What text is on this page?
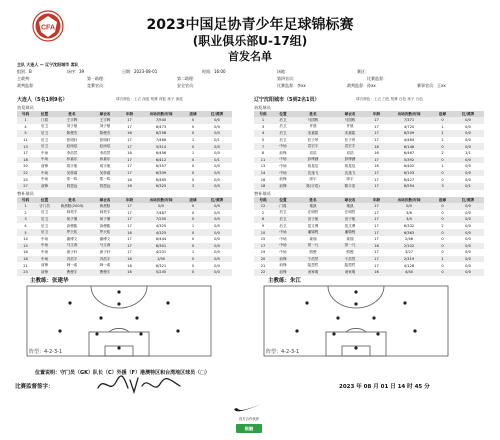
CFA	2023中国足协青少年足球锦标赛
(职业俱乐部U-17组)
首发名单
主队 大连人 — 辽宁沈阳城市 客队
组别：B	场序：39	日期：2023-08-01	时间：16:00	场地：	赛区：
主裁判：	第一助理：	第二助理：	第四官员：	比赛监督：
裁判监督：	竞赛官员：	安全官员：	比赛监督：李xx	裁判监督：孙xx	赛事官员：王xx
大连人（5名1到9名）	球衣颜色：上衣 深蓝 短裤 深蓝 袜子 深蓝
首发球员
号码	位置	姓名	球衣名	年龄	出场次数/时间	进球	红/黄牌
1	门将	王宇辉	王宇辉	17	7/540	0	0/0
4	后卫	刘子豪	刘子豪	17	6/473	0	0/0
5	后卫	陈俊杰	陈俊杰	16	6/258	0	0/0
11	后卫	张明轩	张明轩	17	7/466	1	0/1
13	后卫	赵雨辰	赵雨辰	17	5/314	0	0/0
17	中场	李浩然	李浩然	16	6/456	1	0/0
18	中场	孙嘉乐	孙嘉乐	17	6/412	0	0/1
20	前锋	周宇航	周宇航	17	6/357	0	0/0
22	中场	吴梓睿	吴梓睿	17	6/339	0	0/0
25	中场	郑一鸣	郑一鸣	16	6/465	0	0/0
27	前锋	钱思远	钱思远	16	6/325	3	0/0
替补球员
号码	位置	姓名	球衣名	年龄	出场次数/时间	进球	红/黄牌
1	守门员	黄晨阳(2003)	黄晨阳	17	0/0	0	0/0
2	后卫	林昊宇	林昊宇	17	7/487	0	0/0
3	后卫	何子墨	何子墨	17	7/250	0	0/0
4	后卫	高俊熙	高俊熙	17	4/325	1	0/0
5	后卫	罗天佑	罗天佑	16	4/325	0	0/0
14	中场	谢博文	谢博文	17	6/444	0	0/0
15	中场	马文涛	马文涛	17	6/301	0	0/0
16	中场	唐子轩	唐子轩	17	4/231	1	0/0
18	中场	冯浩宇	冯浩宇	16	1/90	0	0/0
21	前锋	韩一诺	韩一诺	16	6/321	0	0/0
23	前锋	曹俊宇	曹俊宇	16	5/245	0	0/0
辽宁沈阳城市（5到2名1员）	球衣颜色：上衣 白色 短裤 白色 袜子 白色
首发球员
号码	位置	姓名	球衣名	年龄	出场次数/时间	进球	红/黄牌
1	后卫	马国栋	马国栋	17	7/371	0	0/0
3	后卫	许晨	许晨	17	4/720	1	0/0
4	后卫	宋嘉铭	宋嘉铭	17	6/209	1	0/0
5	后卫	杜子昂	杜子昂	17	4/464	1	0/0
7	中场	袁宏宇	袁宏宇	16	6/146	0	0/0
8	前锋	邓浩	邓浩	16	6/467	2	1/1
11	中场	彭博涵	彭博涵	17	5/392	0	0/0
13	中场	蒋星辰	蒋星辰	16	6/402	1	0/0
14	中场	沈逸飞	沈逸飞	17	6/103	0	0/0
16	前锋	廖宇	廖宇	17	6/427	0	0/0
18	前锋	陈(宇浩)	陈宇浩	17	6/554	3	0/1
替补球员
号码	位置	姓名	球衣名	年龄	出场次数/时间	进球	红/黄牌
12	门将	秦凯	秦凯	17	0/0	0	0/0
2	后卫	汪明哲	汪明哲	17	3/6	0	0/0
6	后卫	田子航	田子航	17	3/0	0	0/0
9	后卫	范文博	范文博	17	6/332	2	0/0
10	中场	潘锦程	潘锦程	17	6/363	0	0/0
15	中场	姜瑞	姜瑞	17	2/46	0	0/0
17	中场	蔡一凡	蔡一凡	16	2/102	0	0/0
19	中场	熊俊	熊俊	17	3/27	0	0/0
20	前锋	于浩然	于浩然	17	2/319	1	0/0
21	前锋	陆思哲	陆思哲	17	4/128	0	0/0
22	前锋	汤家明	汤家明	16	4/40	0	0/0
主教练：张建华	主教练：朱江
阵型：4-2-3-1	阵型：4-2-3-1
位置说明：守门员（GK）队长（C）外援（F）港澳特区和台湾地区球员（□）
比赛监督签字：	2023 年 08 月 01 日 14 时 45 分
官方合作伙伴
极融
